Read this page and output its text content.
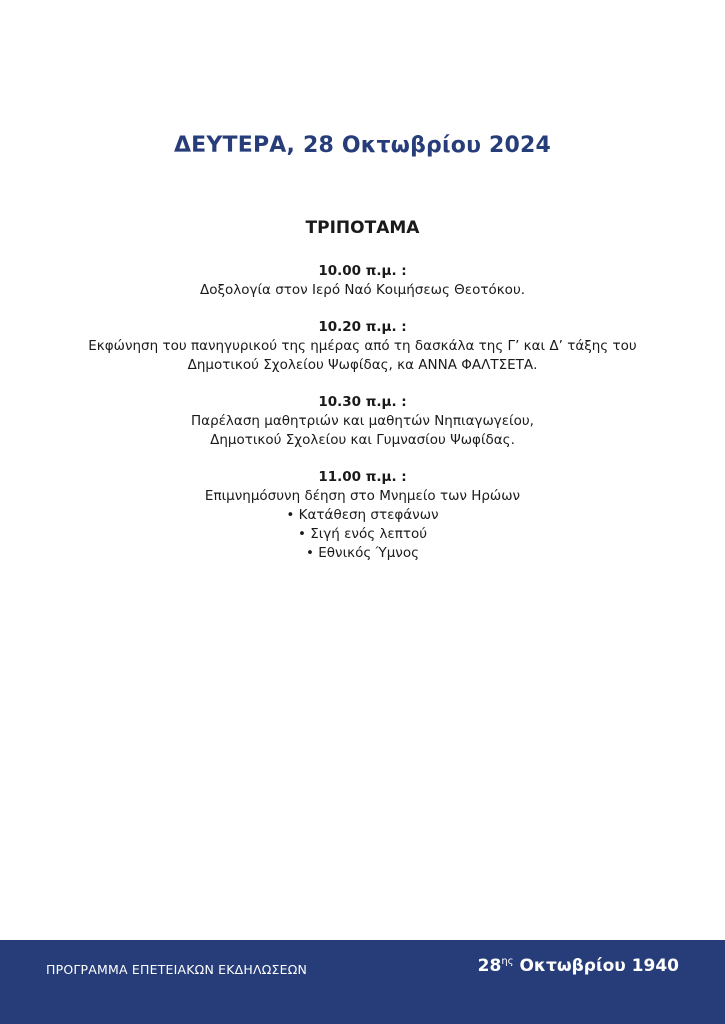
ΔΕΥΤΕΡΑ, 28 Οκτωβρίου 2024
ΤΡΙΠΟΤΑΜΑ
10.00 π.μ. :
Δοξολογία στον Ιερό Ναό Κοιμήσεως Θεοτόκου.
10.20 π.μ. :
Εκφώνηση του πανηγυρικού της ημέρας από τη δασκάλα της Γ’ και Δ’ τάξης του
Δημοτικού Σχολείου Ψωφίδας, κα ΑΝΝΑ ΦΑΛΤΣΕΤΑ.
10.30 π.μ. :
Παρέλαση μαθητριών και μαθητών Νηπιαγωγείου,
Δημοτικού Σχολείου και Γυμνασίου Ψωφίδας.
11.00 π.μ. :
Επιμνημόσυνη δέηση στο Μνημείο των Ηρώων
• Κατάθεση στεφάνων
• Σιγή ενός λεπτού
• Εθνικός Ύμνος
ΠΡΟΓΡΑΜΜΑ ΕΠΕΤΕΙΑΚΩΝ ΕΚΔΗΛΩΣΕΩΝ	$28^{\eta\varsigma}$ Οκτωβρίου 1940
